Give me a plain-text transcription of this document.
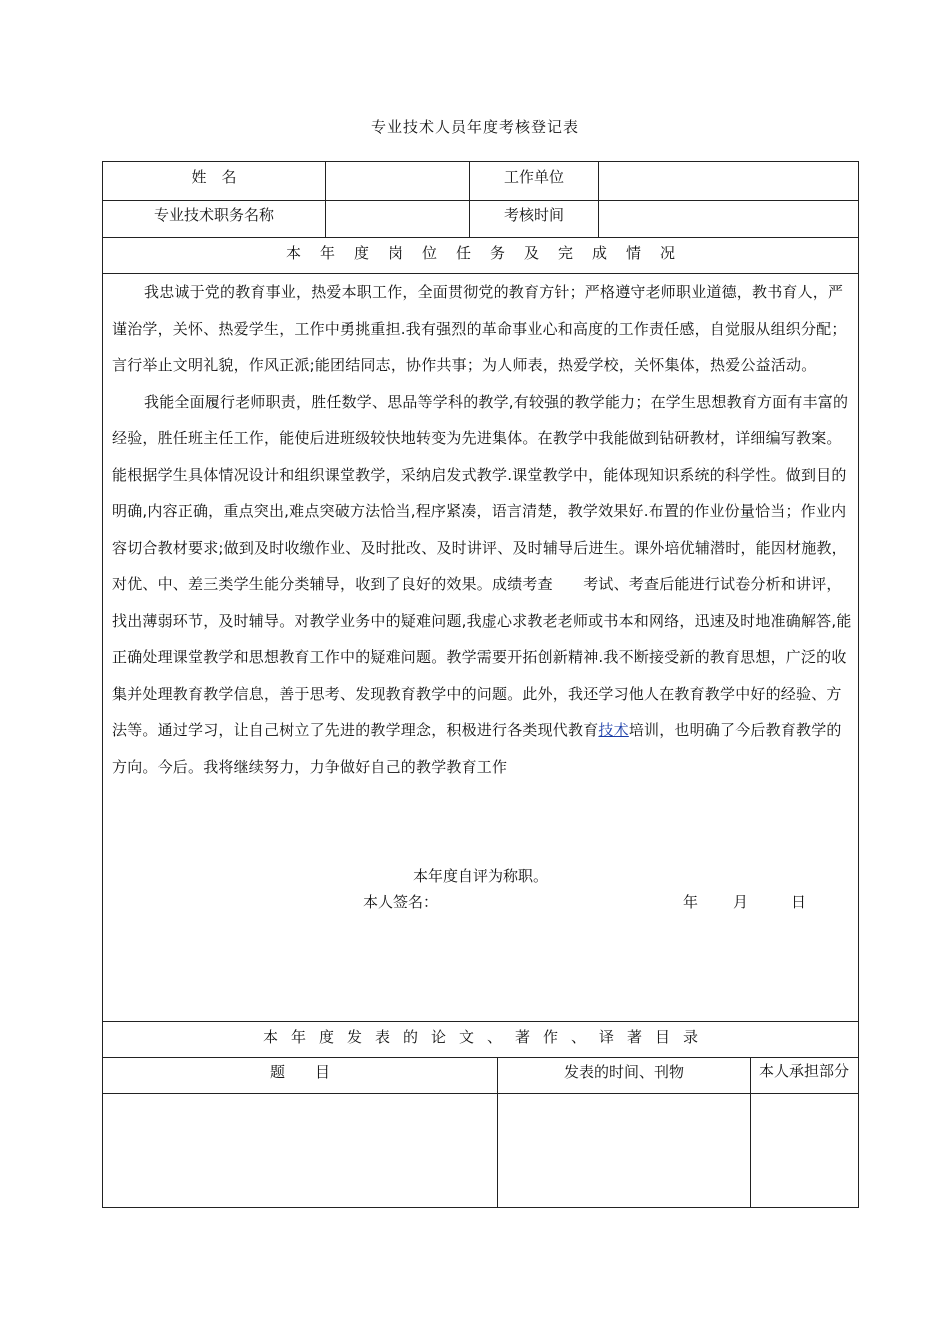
专业技术人员年度考核登记表
姓　名	工作单位
专业技术职务名称	考核时间
本年度岗位任务及完成情况

我忠诚于党的教育事业，热爱本职工作，全面贯彻党的教育方针；严格遵守老师职业道德，教书育人，严谨治学，关怀、热爱学生，工作中勇挑重担.我有强烈的革命事业心和高度的工作责任感，自觉服从组织分配；言行举止文明礼貌，作风正派;能团结同志，协作共事；为人师表，热爱学校，关怀集体，热爱公益活动。

我能全面履行老师职责，胜任数学、思品等学科的教学,有较强的教学能力；在学生思想教育方面有丰富的经验，胜任班主任工作，能使后进班级较快地转变为先进集体。在教学中我能做到钻研教材，详细编写教案。能根据学生具体情况设计和组织课堂教学，采纳启发式教学.课堂教学中，能体现知识系统的科学性。做到目的明确,内容正确，重点突出,难点突破方法恰当,程序紧凑，语言清楚，教学效果好.布置的作业份量恰当；作业内容切合教材要求;做到及时收缴作业、及时批改、及时讲评、及时辅导后进生。课外培优辅潜时，能因材施教，对优、中、差三类学生能分类辅导，收到了良好的效果。成绩考查　　考试、考查后能进行试卷分析和讲评，找出薄弱环节，及时辅导。对教学业务中的疑难问题,我虚心求教老老师或书本和网络，迅速及时地准确解答,能正确处理课堂教学和思想教育工作中的疑难问题。教学需要开拓创新精神.我不断接受新的教育思想，广泛的收集并处理教育教学信息，善于思考、发现教育教学中的问题。此外，我还学习他人在教育教学中好的经验、方法等。通过学习，让自己树立了先进的教学理念，积极进行各类现代教育技术培训，也明确了今后教育教学的方向。今后。我将继续努力，力争做好自己的教学教育工作

本年度自评为称职。
本人签名：	年 月	日
本年度发表的论文、著作、译著目录
题　　目	发表的时间、刊物	本人承担部分
